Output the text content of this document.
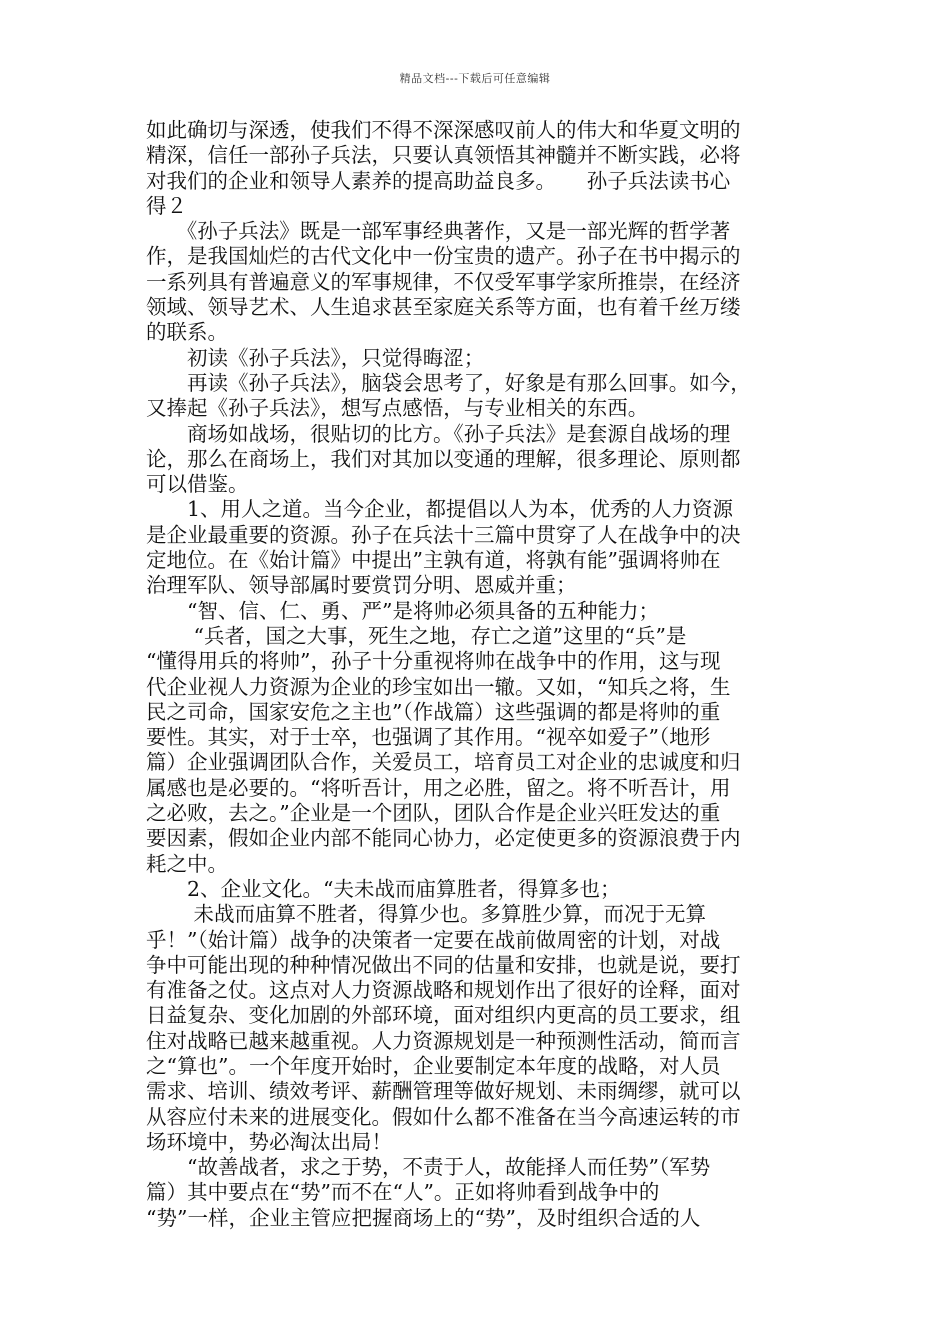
精品文档---下载后可任意编辑
如此确切与深透，使我们不得不深深感叹前人的伟大和华夏文明的
精深，信任一部孙子兵法，只要认真领悟其神髓并不断实践，必将
对我们的企业和领导人素养的提高助益良多。　　孙子兵法读书心
得２
　　《孙子兵法》既是一部军事经典著作，又是一部光辉的哲学著
作，是我国灿烂的古代文化中一份宝贵的遗产。孙子在书中揭示的
一系列具有普遍意义的军事规律，不仅受军事学家所推崇，在经济
领域、领导艺术、人生追求甚至家庭关系等方面，也有着千丝万缕
的联系。
　　初读《孙子兵法》，只觉得晦涩；
　　再读《孙子兵法》，脑袋会思考了，好象是有那么回事。如今，
又捧起《孙子兵法》，想写点感悟，与专业相关的东西。
　　商场如战场，很贴切的比方。《孙子兵法》是套源自战场的理
论，那么在商场上，我们对其加以变通的理解，很多理论、原则都
可以借鉴。
　　1、用人之道。当今企业，都提倡以人为本，优秀的人力资源
是企业最重要的资源。孙子在兵法十三篇中贯穿了人在战争中的决
定地位。在《始计篇》中提出”主孰有道，将孰有能”强调将帅在
治理军队、领导部属时要赏罚分明、恩威并重；
　　“智、信、仁、勇、严”是将帅必须具备的五种能力；
　　 “兵者，国之大事，死生之地，存亡之道”这里的“兵”是
“懂得用兵的将帅”，孙子十分重视将帅在战争中的作用，这与现
代企业视人力资源为企业的珍宝如出一辙。又如，“知兵之将，生
民之司命，国家安危之主也”（作战篇）这些强调的都是将帅的重
要性。其实，对于士卒，也强调了其作用。“视卒如爱子”（地形
篇）企业强调团队合作，关爱员工，培育员工对企业的忠诚度和归
属感也是必要的。“将听吾计，用之必胜，留之。将不听吾计，用
之必败，去之。”企业是一个团队，团队合作是企业兴旺发达的重
要因素，假如企业内部不能同心协力，必定使更多的资源浪费于内
耗之中。
　　2、企业文化。“夫未战而庙算胜者，得算多也；
　　 未战而庙算不胜者，得算少也。多算胜少算，而况于无算
乎！”（始计篇）战争的决策者一定要在战前做周密的计划，对战
争中可能出现的种种情况做出不同的估量和安排，也就是说，要打
有准备之仗。这点对人力资源战略和规划作出了很好的诠释，面对
日益复杂、变化加剧的外部环境，面对组织内更高的员工要求，组
住对战略已越来越重视。人力资源规划是一种预测性活动，简而言
之“算也”。一个年度开始时，企业要制定本年度的战略，对人员
需求、培训、绩效考评、薪酬管理等做好规划、未雨绸缪，就可以
从容应付未来的进展变化。假如什么都不准备在当今高速运转的市
场环境中，势必淘汰出局！
　　“故善战者，求之于势，不责于人，故能择人而任势”（军势
篇）其中要点在“势”而不在“人”。正如将帅看到战争中的
“势”一样，企业主管应把握商场上的“势”，及时组织合适的人
